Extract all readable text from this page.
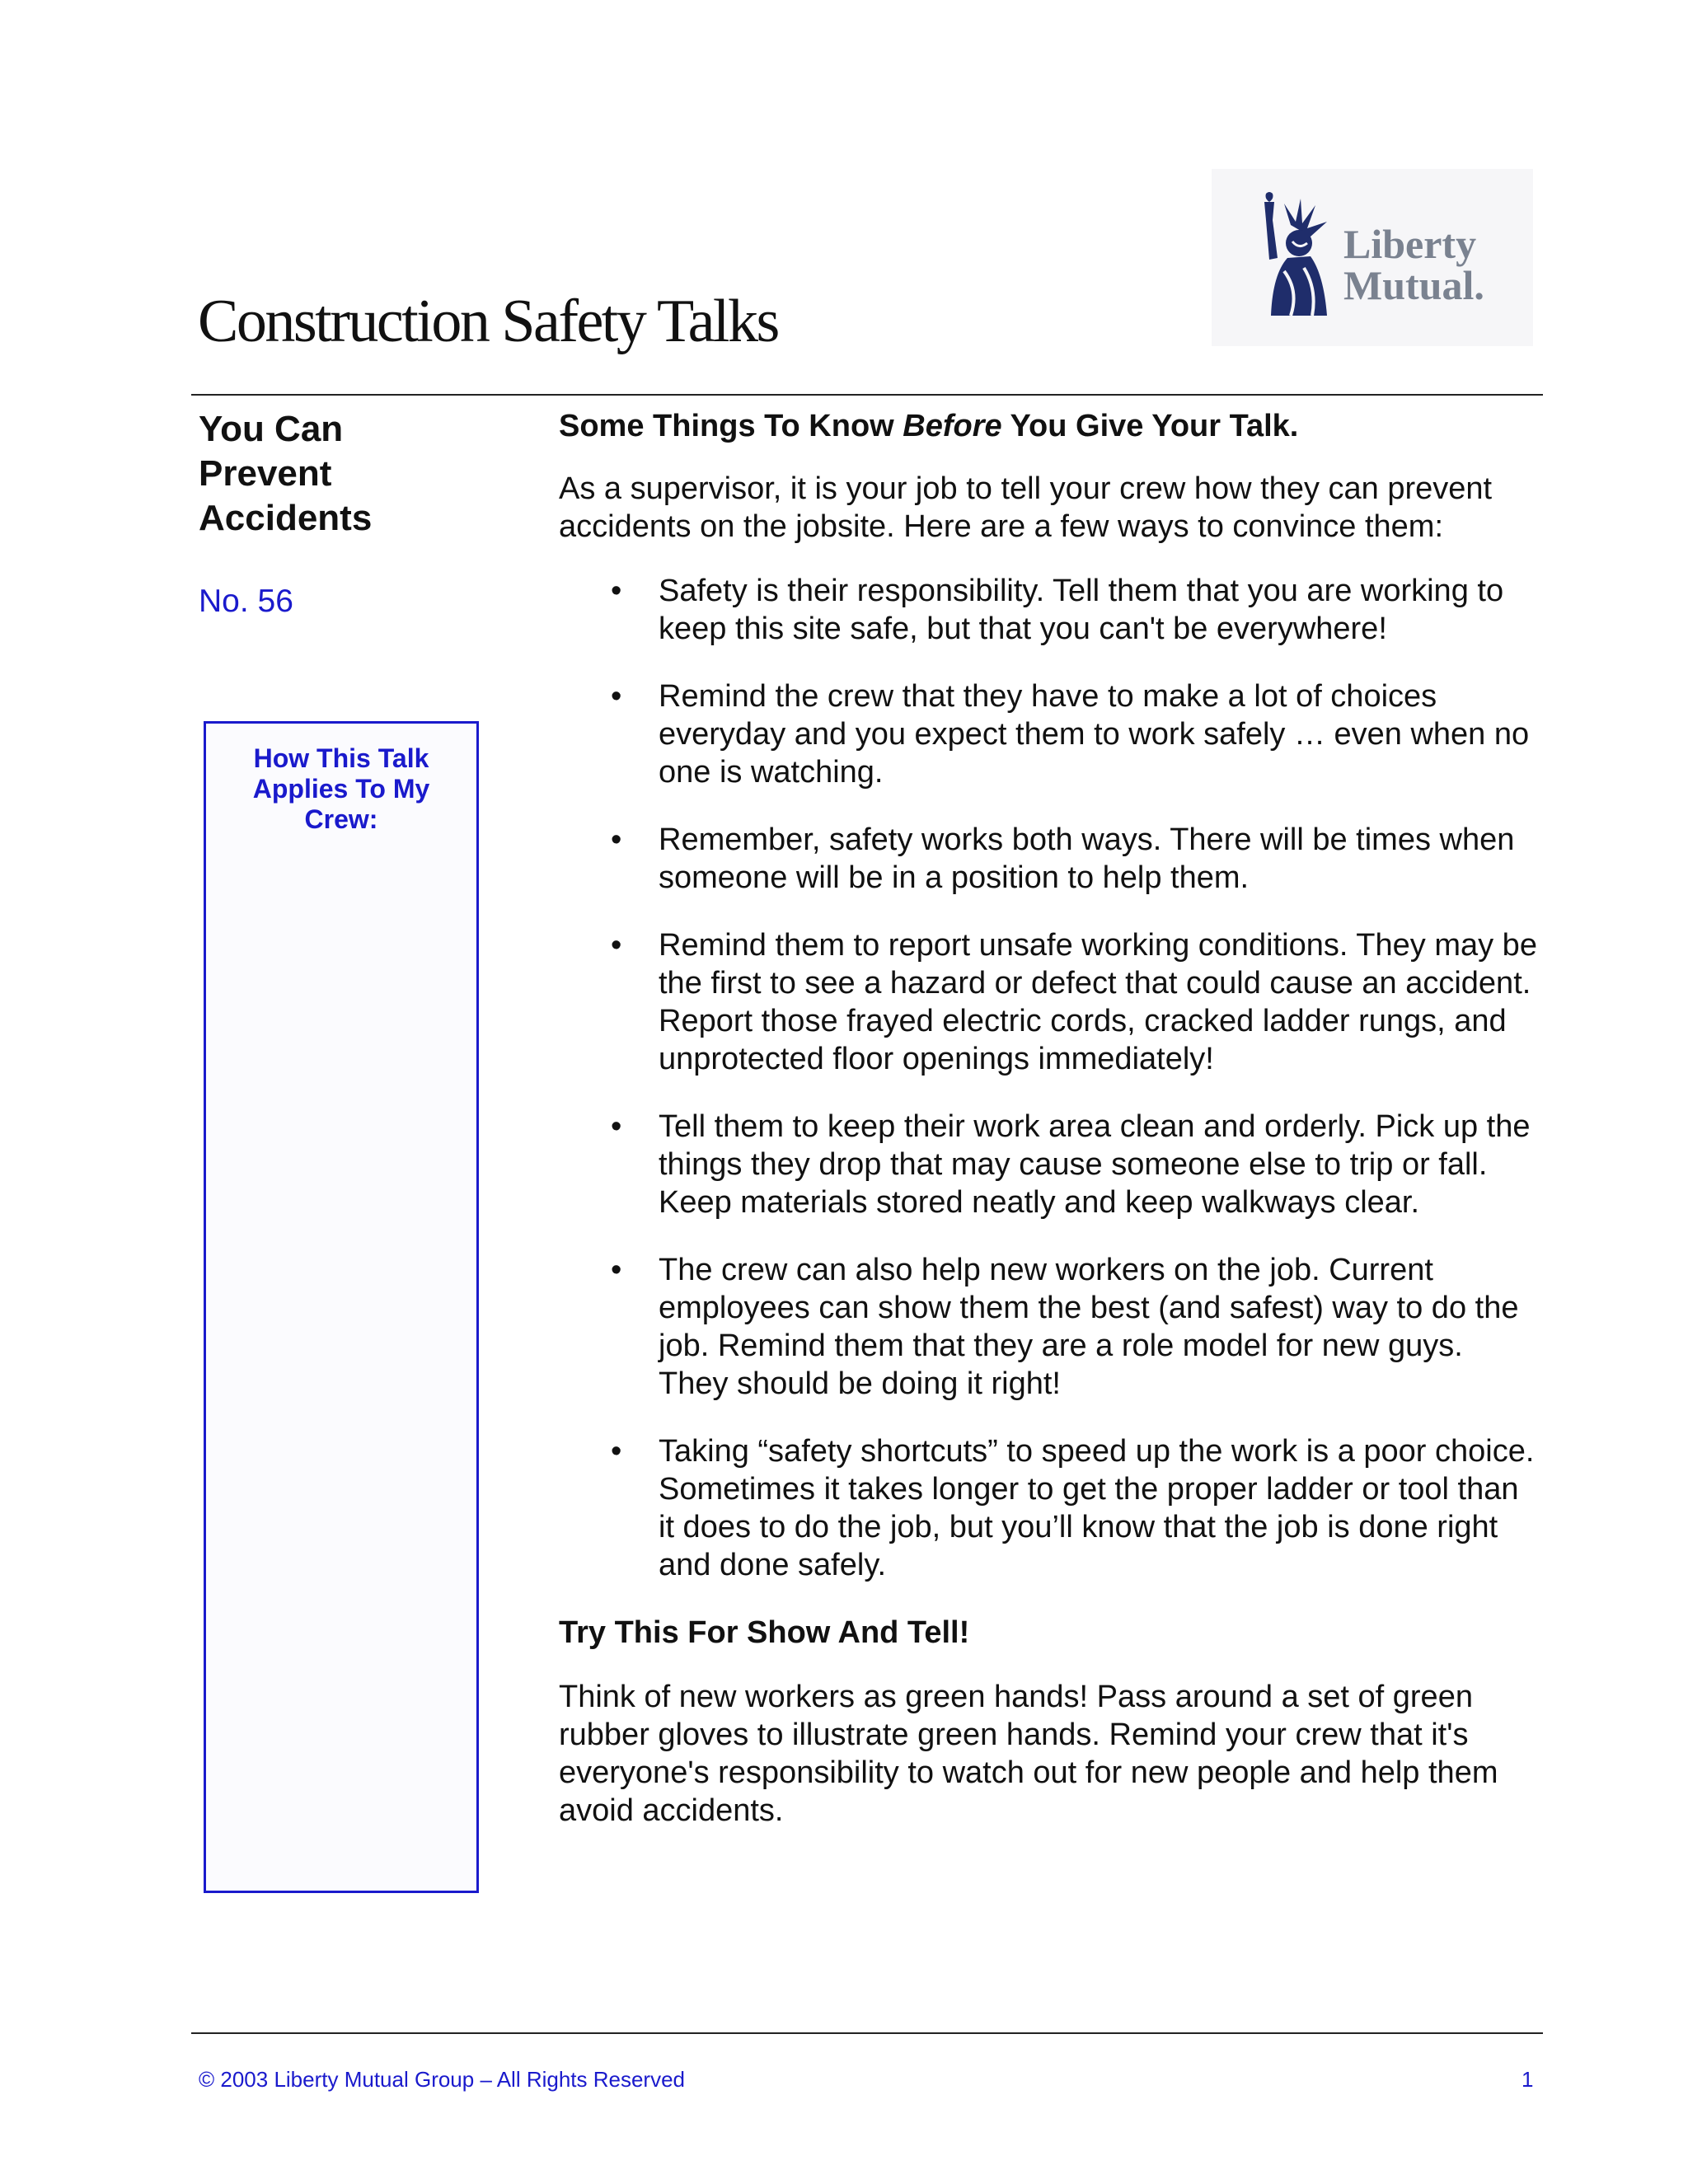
Construction Safety Talks
Liberty
Mutual.
You Can
Prevent
Accidents
No. 56
How This Talk
Applies To My
Crew:

Some Things To Know Before You Give Your Talk.

As a supervisor, it is your job to tell your crew how they can prevent accidents on the jobsite. Here are a few ways to convince them:

• Safety is their responsibility. Tell them that you are working to keep this site safe, but that you can't be everywhere!
• Remind the crew that they have to make a lot of choices everyday and you expect them to work safely … even when no one is watching.
• Remember, safety works both ways. There will be times when someone will be in a position to help them.
• Remind them to report unsafe working conditions. They may be the first to see a hazard or defect that could cause an accident. Report those frayed electric cords, cracked ladder rungs, and unprotected floor openings immediately!
• Tell them to keep their work area clean and orderly. Pick up the things they drop that may cause someone else to trip or fall. Keep materials stored neatly and keep walkways clear.
• The crew can also help new workers on the job. Current employees can show them the best (and safest) way to do the job. Remind them that they are a role model for new guys. They should be doing it right!
• Taking “safety shortcuts” to speed up the work is a poor choice. Sometimes it takes longer to get the proper ladder or tool than it does to do the job, but you’ll know that the job is done right and done safely.

Try This For Show And Tell!

Think of new workers as green hands! Pass around a set of green rubber gloves to illustrate green hands. Remind your crew that it's everyone's responsibility to watch out for new people and help them avoid accidents.

© 2003 Liberty Mutual Group – All Rights Reserved	1
